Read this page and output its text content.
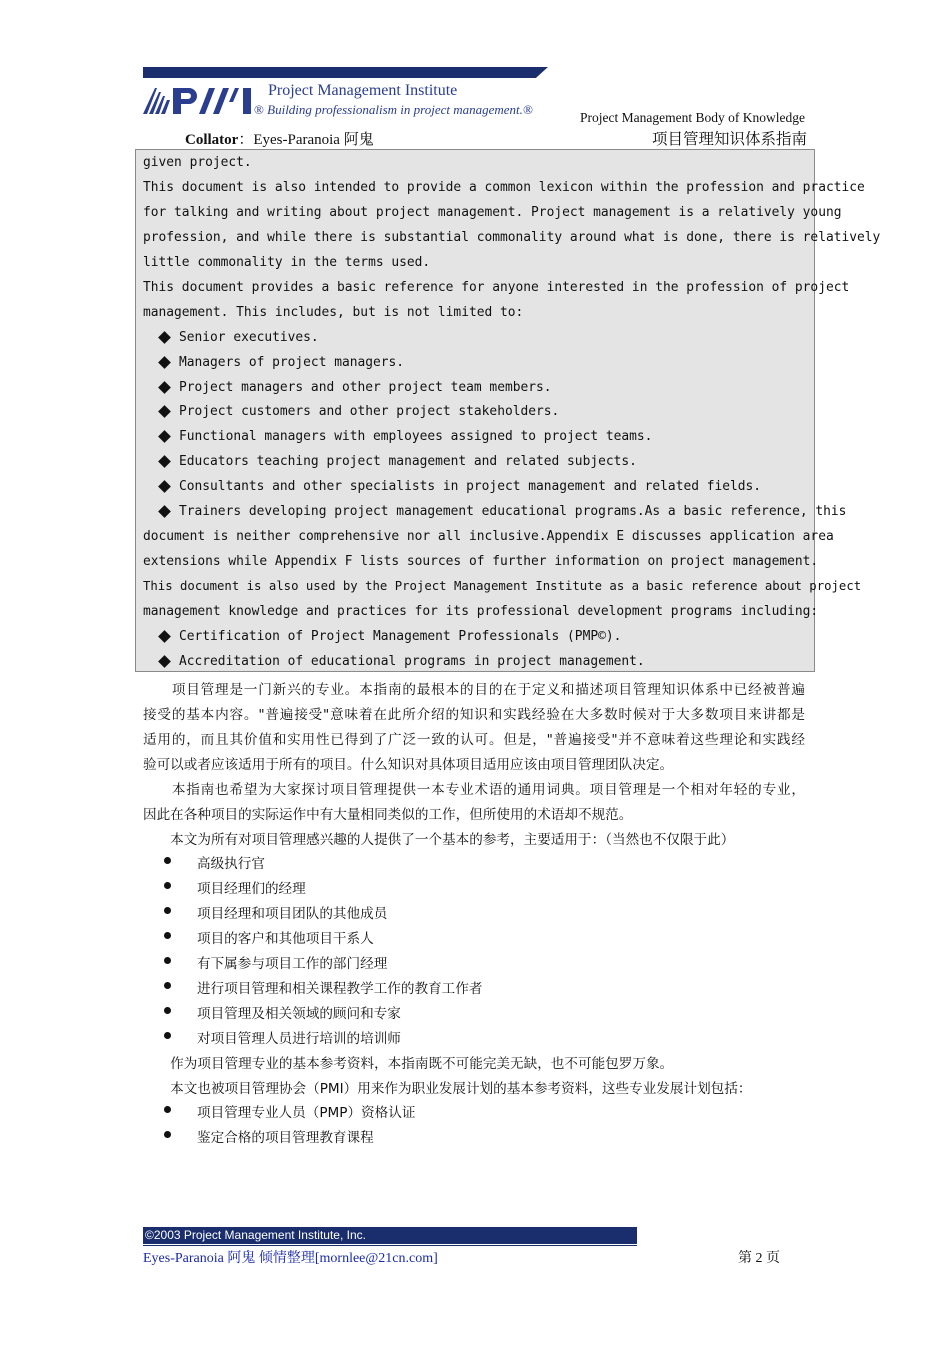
PMI	Project Management Institute
® Building professionalism in project management.®
Project Management Body of Knowledge
Collator：Eyes-Paranoia 阿鬼	项目管理知识体系指南
given project.
This document is also intended to provide a common lexicon within the profession and practice
for talking and writing about project management. Project management is a relatively young
profession, and while there is substantial commonality around what is done, there is relatively
little commonality in the terms used.
This document provides a basic reference for anyone interested in the profession of project
management. This includes, but is not limited to:
Senior executives.
Managers of project managers.
Project managers and other project team members.
Project customers and other project stakeholders.
Functional managers with employees assigned to project teams.
Educators teaching project management and related subjects.
Consultants and other specialists in project management and related fields.
Trainers developing project management educational programs.As a basic reference, this
document is neither comprehensive nor all inclusive.Appendix E discusses application area
extensions while Appendix F lists sources of further information on project management.
This document is also used by the Project Management Institute as a basic reference about project
management knowledge and practices for its professional development programs including:
Certification of Project Management Professionals (PMP©).
Accreditation of educational programs in project management.
　　项目管理是一门新兴的专业。本指南的最根本的目的在于定义和描述项目管理知识体系中已经被普遍
接受的基本内容。"普遍接受"意味着在此所介绍的知识和实践经验在大多数时候对于大多数项目来讲都是
适用的，而且其价值和实用性已得到了广泛一致的认可。但是，"普遍接受"并不意味着这些理论和实践经
验可以或者应该适用于所有的项目。什么知识对具体项目适用应该由项目管理团队决定。
　　本指南也希望为大家探讨项目管理提供一本专业术语的通用词典。项目管理是一个相对年轻的专业，
因此在各种项目的实际运作中有大量相同类似的工作，但所使用的术语却不规范。
　　本文为所有对项目管理感兴趣的人提供了一个基本的参考，主要适用于：（当然也不仅限于此）
高级执行官
项目经理们的经理
项目经理和项目团队的其他成员
项目的客户和其他项目干系人
有下属参与项目工作的部门经理
进行项目管理和相关课程教学工作的教育工作者
项目管理及相关领域的顾问和专家
对项目管理人员进行培训的培训师
　　作为项目管理专业的基本参考资料，本指南既不可能完美无缺，也不可能包罗万象。
　　本文也被项目管理协会（PMI）用来作为职业发展计划的基本参考资料，这些专业发展计划包括：
项目管理专业人员（PMP）资格认证
鉴定合格的项目管理教育课程
©2003 Project Management Institute, Inc.
Eyes-Paranoia 阿鬼 倾情整理[mornlee@21cn.com]	第 2 页
